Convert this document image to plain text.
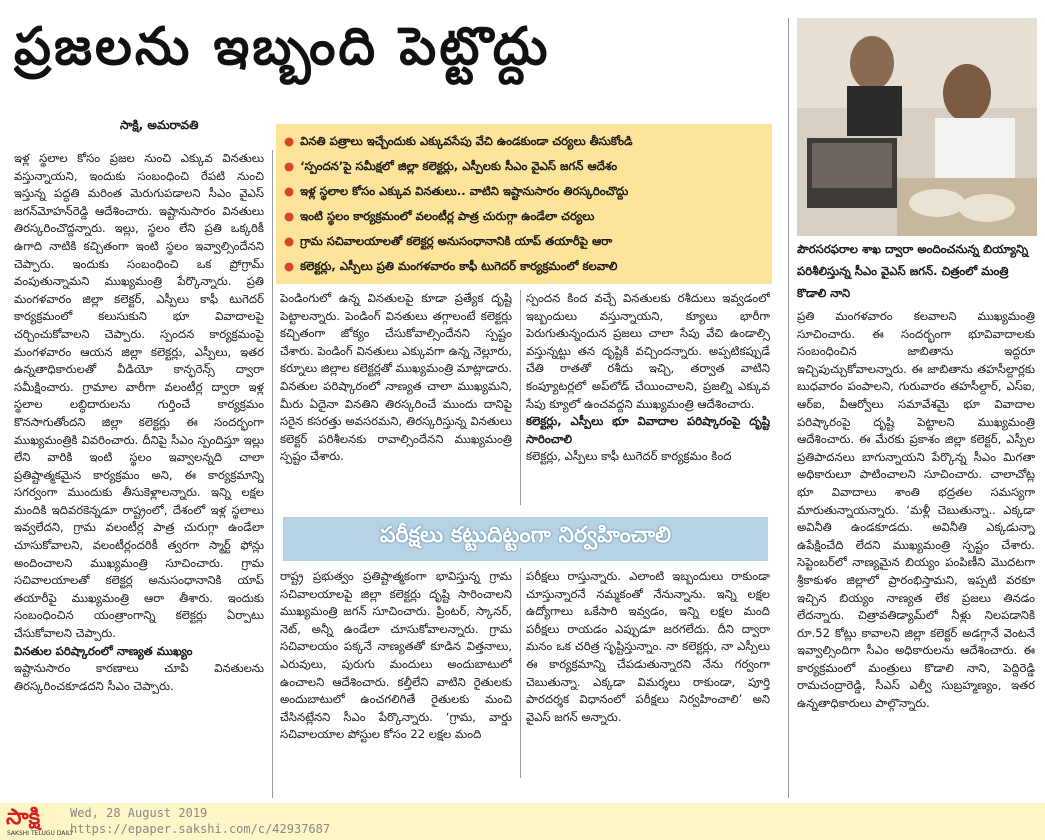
ప్రజలను ఇబ్బంది పెట్టొద్దు
సాక్షి, అమరావతి
● వినతి పత్రాలు ఇచ్చేందుకు ఎక్కువసేపు వేచి ఉండకుండా చర్యలు తీసుకోండి
● ‘స్పందన’పై సమీక్షలో జిల్లా కలెక్టర్లు, ఎస్పీలకు సీఎం వైఎస్ జగన్ ఆదేశం
● ఇళ్ల స్థలాల కోసం ఎక్కువ వినతులు.. వాటిని ఇష్టానుసారం తిరస్కరించొద్దు
● ఇంటి స్థలం కార్యక్రమంలో వలంటీర్ల పాత్ర చురుగ్గా ఉండేలా చర్యలు
● గ్రామ సచివాలయాలతో కలెక్టర్ల అనుసంధానానికి యాప్ తయారీపై ఆరా
● కలెక్టర్లు, ఎస్పీలు ప్రతి మంగళవారం కాఫీ టుగెదర్ కార్యక్రమంలో కలవాలి

ఇళ్ల స్థలాల కోసం ప్రజల నుంచి ఎక్కువ వినతులు వస్తున్నాయని, ఇందుకు సంబంధించి రేపటి నుంచి ఇస్తున్న పద్ధతి మరింత మెరుగుపడాలని సీఎం వైఎస్ జగన్‌మోహన్‌రెడ్డి ఆదేశించారు. ఇష్టానుసారం వినతులు తిరస్కరించొద్దన్నారు. ఇల్లు, స్థలం లేని ప్రతి ఒక్కరికీ ఉగాది నాటికి కచ్చితంగా ఇంటి స్థలం ఇవ్వాల్సిందేనని చెప్పారు. ఇందుకు సంబంధించి ఒక ప్రోగ్రామ్ వంపుతున్నామని ముఖ్యమంత్రి పేర్కొన్నారు. ప్రతి మంగళవారం జిల్లా కలెక్టర్, ఎస్పీలు కాఫీ టుగెదర్ కార్యక్రమంలో కలుసుకుని భూ వివాదాలపై చర్చించుకోవాలని చెప్పారు. స్పందన కార్యక్రమంపై మంగళవారం ఆయన జిల్లా కలెక్టర్లు, ఎస్పీలు, ఇతర ఉన్నతాధికారులతో వీడియో కాన్ఫరెన్స్ ద్వారా సమీక్షించారు. గ్రామాల వారీగా వలంటీర్ల ద్వారా ఇళ్ల స్థలాల లబ్ధిదారులను గుర్తించే కార్యక్రమం కొనసాగుతోందని జిల్లా కలెక్టర్లు ఈ సందర్భంగా ముఖ్యమంత్రికి వివరించారు. దీనిపై సీఎం స్పందిస్తూ ఇల్లు లేని వారికి ఇంటి స్థలం ఇవ్వాలన్నది చాలా ప్రతిష్టాత్మకమైన కార్యక్రమం అని, ఈ కార్యక్రమాన్ని సగర్వంగా ముందుకు తీసుకెళ్లాలన్నారు. ఇన్ని లక్షల మందికి ఇదివరకెన్నడూ రాష్ట్రంలో, దేశంలో ఇళ్ల స్థలాలు ఇవ్వలేదని, గ్రామ వలంటీర్ల పాత్ర చురుగ్గా ఉండేలా చూసుకోవాలని, వలంటీర్లందరికీ త్వరగా స్మార్ట్ ఫోన్లు అందించాలని ముఖ్యమంత్రి సూచించారు. గ్రామ సచివాలయాలతో కలెక్టర్ల అనుసంధానానికి యాప్ తయారీపై ముఖ్యమంత్రి ఆరా తీశారు. ఇందుకు సంబంధించిన యంత్రాంగాన్ని కలెక్టర్లు ఏర్పాటు చేసుకోవాలని చెప్పారు.

వినతుల పరిష్కారంలో నాణ్యత ముఖ్యం

ఇష్టానుసారం కారణాలు చూపి వినతులను తిరస్కరించకూడదని సీఎం చెప్పారు.

పెండింగులో ఉన్న వినతులపై కూడా ప్రత్యేక దృష్టి పెట్టాలన్నారు. పెండింగ్ వినతులు తగ్గాలంటే కలెక్టర్లు కచ్చితంగా జోక్యం చేసుకోవాల్సిందేనని స్పష్టం చేశారు. పెండింగ్ వినతులు ఎక్కువగా ఉన్న నెల్లూరు, కర్నూలు జిల్లాల కలెక్టర్లతో ముఖ్యమంత్రి మాట్లాడారు. వినతుల పరిష్కారంలో నాణ్యత చాలా ముఖ్యమని, మీరు ఏదైనా వినతిని తిరస్కరించే ముందు దానిపై సరైన కసరత్తు అవసరమని, తిరస్కరిస్తున్న వినతులు కలెక్టర్ పరిశీలనకు రావాల్సిందేనని ముఖ్యమంత్రి స్పష్టం చేశారు.

స్పందన కింద వచ్చే వినతులకు రశీదులు ఇవ్వడంలో ఇబ్బందులు వస్తున్నాయని, క్యూలు భారీగా పెరుగుతున్నందున ప్రజలు చాలా సేపు వేచి ఉండాల్సి వస్తున్నట్టు తన దృష్టికి వచ్చిందన్నారు. అప్పటికప్పుడే చేతి రాతతో రశీదు ఇచ్చి, తర్వాత వాటిని కంప్యూటర్లలో అప్‌లోడ్ చేయించాలని, ప్రజల్ని ఎక్కువ సేపు క్యూలో ఉంచవద్దని ముఖ్యమంత్రి ఆదేశించారు.

కలెక్టర్లు, ఎస్పీలు భూ వివాదాల పరిష్కారంపై దృష్టి సారించాలి

కలెక్టర్లు, ఎస్పీలు కాఫీ టుగెదర్ కార్యక్రమం కింద

పరీక్షలు కట్టుదిట్టంగా నిర్వహించాలి

రాష్ట్ర ప్రభుత్వం ప్రతిష్టాత్మకంగా భావిస్తున్న గ్రామ సచివాలయాలపై జిల్లా కలెక్టర్లు దృష్టి సారించాలని ముఖ్యమంత్రి జగన్ సూచించారు. ప్రింటర్, స్కానర్, నెట్, అన్నీ ఉండేలా చూసుకోవాలన్నారు. గ్రామ సచివాలయం పక్కనే నాణ్యతతో కూడిన విత్తనాలు, ఎరువులు, పురుగు మందులు అందుబాటులో ఉంచాలని ఆదేశించారు. కల్తీలేని వాటిని రైతులకు అందుబాటులో ఉంచగలిగితే రైతులకు మంచి చేసినట్లేనని సీఎం పేర్కొన్నారు. ‘గ్రామ, వార్డు సచివాలయాల పోస్టుల కోసం 22 లక్షల మంది

పరీక్షలు రాస్తున్నారు. ఎలాంటి ఇబ్బందులు రాకుండా చూస్తున్నారనే నమ్మకంతో నేనున్నాను. ఇన్ని లక్షల ఉద్యోగాలు ఒకేసారి ఇవ్వడం, ఇన్ని లక్షల మంది పరీక్షలు రాయడం ఎప్పుడూ జరగలేదు. దీని ద్వారా మనం ఒక చరిత్ర సృష్టిస్తున్నాం. నా కలెక్టర్లు, నా ఎస్పీలు ఈ కార్యక్రమాన్ని చేపడుతున్నారని నేను గర్వంగా చెబుతున్నా. ఎక్కడా విమర్శలు రాకుండా, పూర్తి పారదర్శక విధానంలో పరీక్షలు నిర్వహించాలి’ అని వైఎస్ జగన్ అన్నారు.

పౌరసరఫరాల శాఖ ద్వారా అందించనున్న బియ్యాన్ని పరిశీలిస్తున్న సీఎం వైఎస్ జగన్. చిత్రంలో మంత్రి కొడాలి నాని

ప్రతి మంగళవారం కలవాలని ముఖ్యమంత్రి సూచించారు. ఈ సందర్భంగా భూవివాదాలకు సంబంధించిన జాబితాను ఇద్దరూ ఇచ్చిపుచ్చుకోవాలన్నారు. ఈ జాబితాను తహసీల్దార్లకు బుధవారం పంపాలని, గురువారం తహసీల్దార్, ఎస్ఐ, ఆర్ఐ, వీఆర్వోలు సమావేశమై భూ వివాదాల పరిష్కారంపై దృష్టి పెట్టాలని ముఖ్యమంత్రి ఆదేశించారు. ఈ మేరకు ప్రకాశం జిల్లా కలెక్టర్, ఎస్పీల ప్రతిపాదనలు బాగున్నాయని పేర్కొన్న సీఎం మిగతా అధికారులూ పాటించాలని సూచించారు. చాలాచోట్ల భూ వివాదాలు శాంతి భద్రతల సమస్యగా మారుతున్నాయన్నారు. ‘మళ్లీ చెబుతున్నా.. ఎక్కడా అవినీతి ఉండకూడదు. అవినీతి ఎక్కడున్నా ఉపేక్షించేది లేదని ముఖ్యమంత్రి స్పష్టం చేశారు. సెప్టెంబర్‌లో నాణ్యమైన బియ్యం పంపిణీని మొదటగా శ్రీకాకుళం జిల్లాలో ప్రారంభిస్తామని, ఇప్పటి వరకూ ఇచ్చిన బియ్యం నాణ్యత లేక ప్రజలు తినడం లేదన్నారు. చిత్రావతిడ్యామ్‌లో నీళ్లు నిలపడానికి రూ.52 కోట్లు కావాలని జిల్లా కలెక్టర్ అడగ్గానే వెంటనే ఇవ్వాల్సిందిగా సీఎం అధికారులను ఆదేశించారు. ఈ కార్యక్రమంలో మంత్రులు కొడాలి నాని, పెద్దిరెడ్డి రామచంద్రారెడ్డి, సీఎస్ ఎల్వీ సుబ్రహ్మణ్యం, ఇతర ఉన్నతాధికారులు పాల్గొన్నారు.

సాక్షి
SAKSHI TELUGU DAILY
Wed, 28 August 2019
https://epaper.sakshi.com/c/42937687
